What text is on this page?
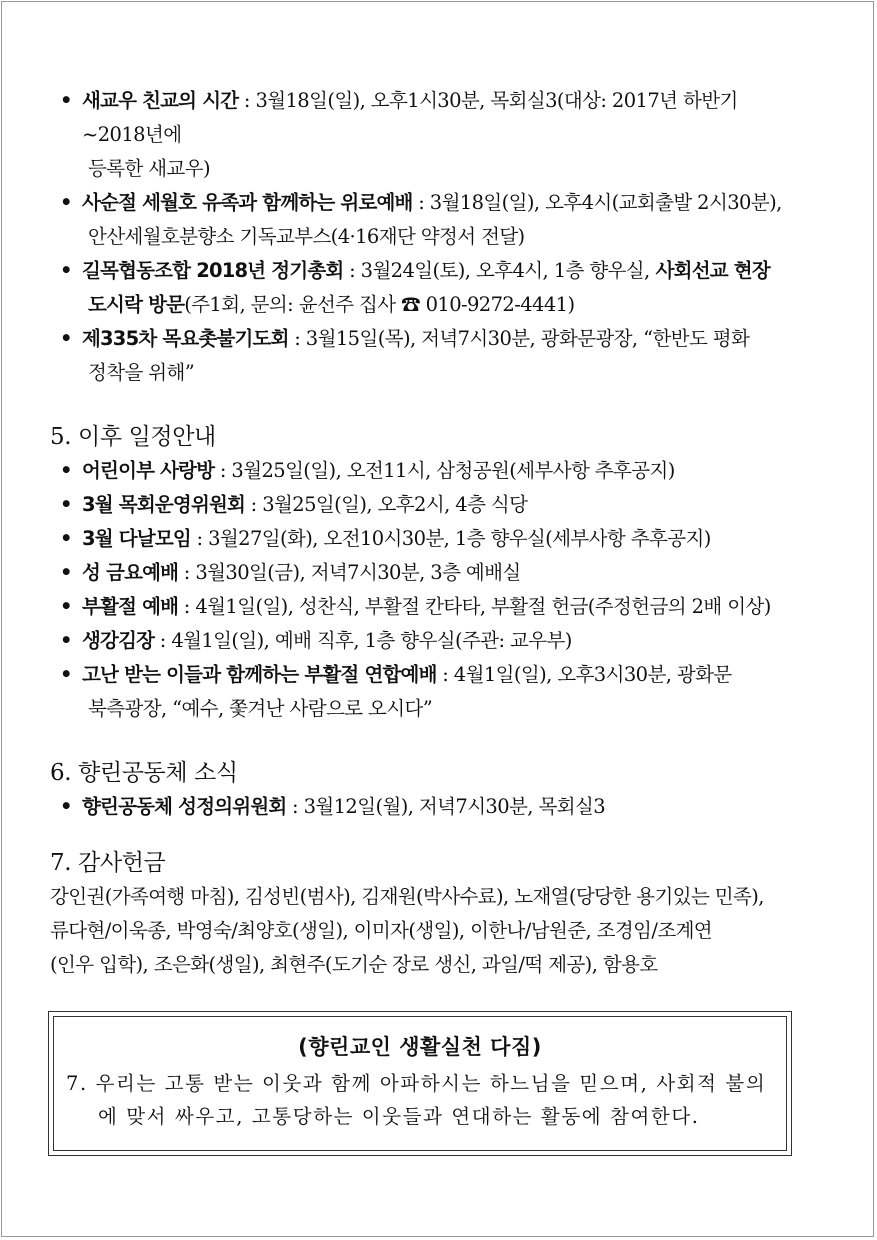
• 새교우 친교의 시간 : 3월18일(일), 오후1시30분, 목회실3(대상: 2017년 하반기~2018년에
등록한 새교우)
• 사순절 세월호 유족과 함께하는 위로예배 : 3월18일(일), 오후4시(교회출발 2시30분),
안산세월호분향소 기독교부스(4·16재단 약정서 전달)
• 길목협동조합 2018년 정기총회 : 3월24일(토), 오후4시, 1층 향우실, 사회선교 현장
도시락 방문(주1회, 문의: 윤선주 집사 ☎ 010-9272-4441)
• 제335차 목요촛불기도회 : 3월15일(목), 저녁7시30분, 광화문광장, “한반도 평화
정착을 위해”

5. 이후 일정안내

• 어린이부 사랑방 : 3월25일(일), 오전11시, 삼청공원(세부사항 추후공지)
• 3월 목회운영위원회 : 3월25일(일), 오후2시, 4층 식당
• 3월 다날모임 : 3월27일(화), 오전10시30분, 1층 향우실(세부사항 추후공지)
• 성 금요예배 : 3월30일(금), 저녁7시30분, 3층 예배실
• 부활절 예배 : 4월1일(일), 성찬식, 부활절 칸타타, 부활절 헌금(주정헌금의 2배 이상)
• 생강김장 : 4월1일(일), 예배 직후, 1층 향우실(주관: 교우부)
• 고난 받는 이들과 함께하는 부활절 연합예배 : 4월1일(일), 오후3시30분, 광화문
북측광장, “예수, 쫓겨난 사람으로 오시다”

6. 향린공동체 소식

• 향린공동체 성정의위원회 : 3월12일(월), 저녁7시30분, 목회실3

7. 감사헌금

강인권(가족여행 마침), 김성빈(범사), 김재원(박사수료), 노재열(당당한 용기있는 민족),

류다현/이욱종, 박영숙/최양호(생일), 이미자(생일), 이한나/남원준, 조경임/조계연

(인우 입학), 조은화(생일), 최현주(도기순 장로 생신, 과일/떡 제공), 함용호

(향린교인 생활실천 다짐)

7. 우리는 고통 받는 이웃과 함께 아파하시는 하느님을 믿으며, 사회적 불의에 맞서 싸우고, 고통당하는 이웃들과 연대하는 활동에 참여한다.
